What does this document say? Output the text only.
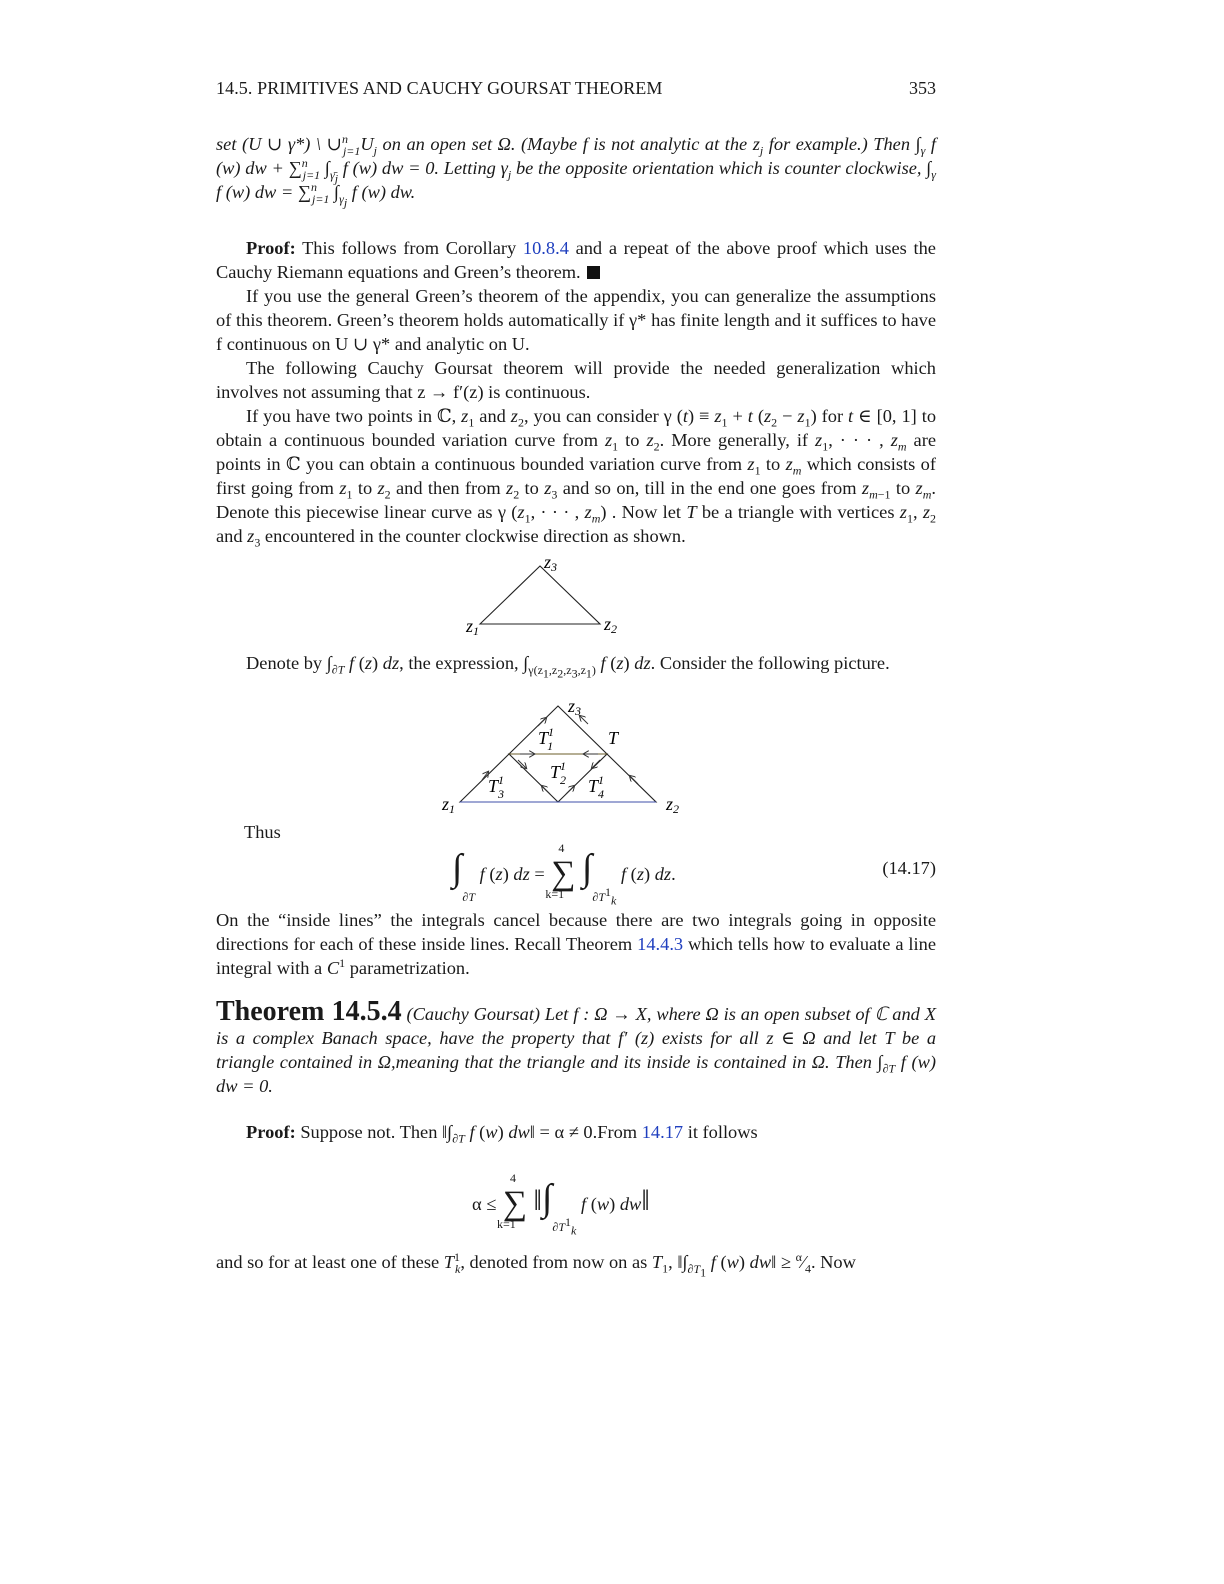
14.5. PRIMITIVES AND CAUCHY GOURSAT THEOREM	353
set (U ∪ γ*) \ $\cup^n_{j=1}U_j$ on an open set Ω. (Maybe f is not analytic at the $z_j$ for example.) Then $\int_\gamma$ f (w) dw + ∑$^n_{j=1}$ $\int_{\gammā_j}$ f (w) dw = 0. Letting $\gamma_j$ be the opposite orientation which is counter clockwise, $\int_\gamma$ f (w) dw = ∑$^n_{j=1}$ $\int_{\gamma_j}$ f (w) dw.
Proof: This follows from Corollary 10.8.4 and a repeat of the above proof which uses the Cauchy Riemann equations and Green’s theorem.
If you use the general Green’s theorem of the appendix, you can generalize the assumptions of this theorem. Green’s theorem holds automatically if γ* has finite length and it suffices to have f continuous on U ∪ γ* and analytic on U.
The following Cauchy Goursat theorem will provide the needed generalization which involves not assuming that z → f′(z) is continuous.
If you have two points in ℂ, $z_1$ and $z_2$, you can consider γ $(t) \equiv z_1 + t$ $(z_2 - z_1)$ for t ∈ [0, 1] to obtain a continuous bounded variation curve from $z_1$ to $z_2$. More generally, if $z_1$, · · · , $z_m$ are points in ℂ you can obtain a continuous bounded variation curve from $z_1$ to $z_m$ which consists of first going from $z_1$ to $z_2$ and then from $z_2$ to $z_3$ and so on, till in the end one goes from $z_{m-1}$ to $z_m$. Denote this piecewise linear curve as γ ($z_1$, · · · , $z_m$) . Now let T be a triangle with vertices $z_1$, $z_2$ and $z_3$ encountered in the counter clockwise direction as shown.
z1	z2
z3
Denote by $\int_{\partial T}$ f (z) dz, the expression, $\int_{\gamma(z_1,z_2,z_3,z_1)}$ f (z) dz. Consider the following picture.
z1	z2
z3
T
$T^1$ 1
$T^1$ 2
$T^1$ 3	$T^1$ 4
Thus
$\int_{\partial T}$ f (z) dz =
4
∑
k=1
$\int_{\partial T^1_k}$ f (z) dz.	(14.17)
On the “inside lines” the integrals cancel because there are two integrals going in opposite directions for each of these inside lines. Recall Theorem 14.4.3 which tells how to evaluate a line integral with a $C^1$ parametrization.
Theorem 14.5.4 (Cauchy Goursat) Let f : Ω → X, where Ω is an open subset of ℂ and X is a complex Banach space, have the property that f′ (z) exists for all z ∈ Ω and let T be a triangle contained in Ω,meaning that the triangle and its inside is contained in Ω. Then $\int_{\partial T}$ f (w) dw = 0.
Proof: Suppose not. Then $‖\int_{\partial T}$ f (w) dw‖ = α ≠ 0.From 14.17 it follows
α ≤
4
∑
k=1
$‖\int_{\partial T^1_k}$ f (w) dw‖
and so for at least one of these $T^1_k$, denoted from now on as $T_1$, $‖\int_{\partial T_1}$ f (w) dw‖ ≥ $^\alpha⁄_4$. Now
